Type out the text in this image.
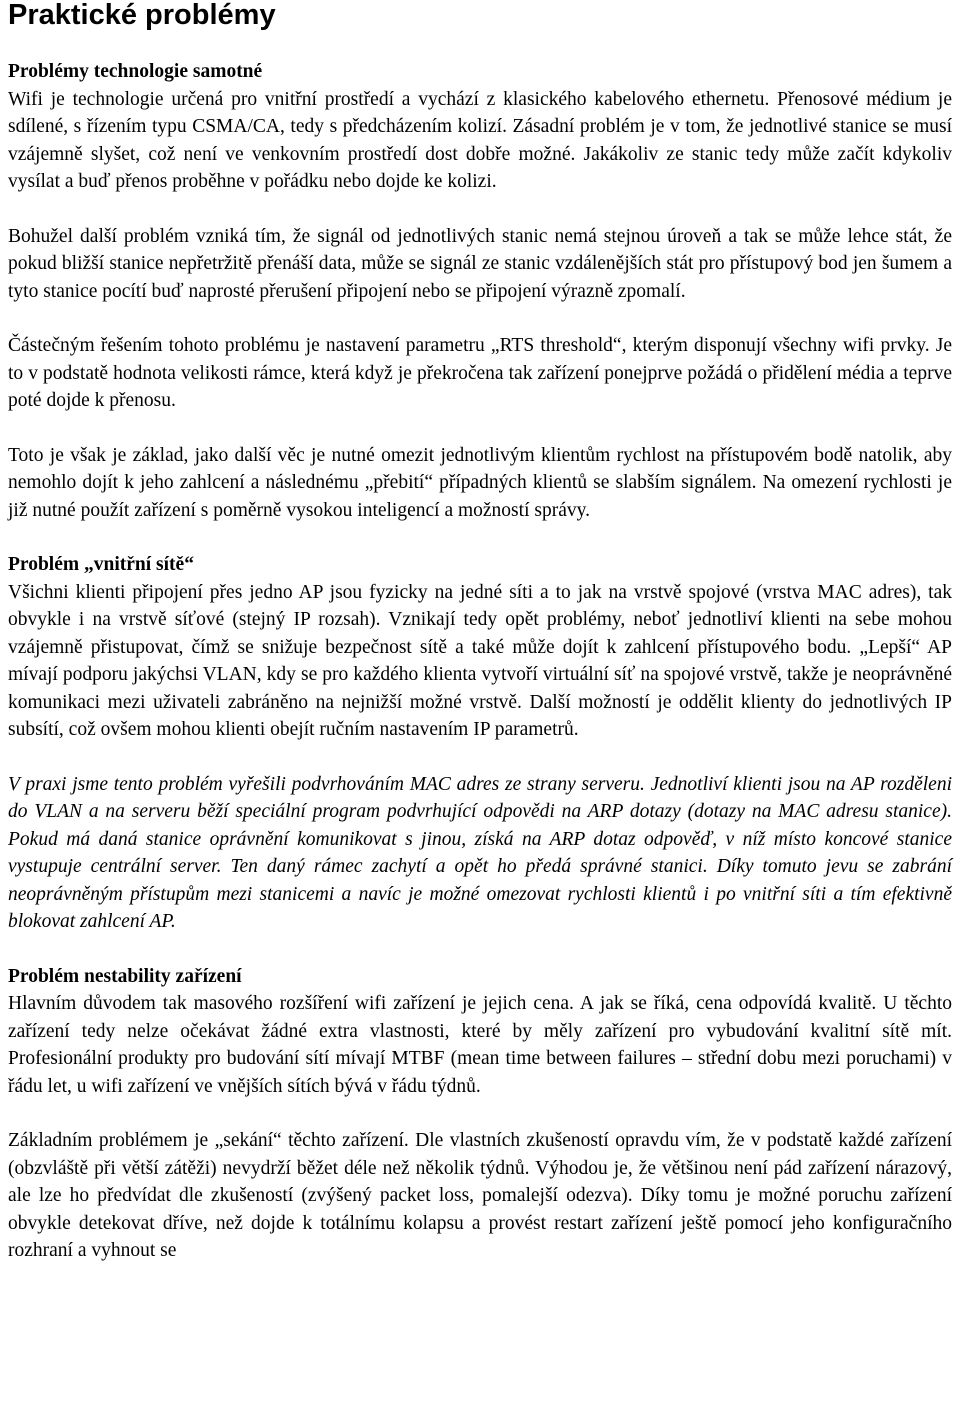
Praktické problémy
Problémy technologie samotné

Wifi je technologie určená pro vnitřní prostředí a vychází z klasického kabelového ethernetu. Přenosové médium je sdílené, s řízením typu CSMA/CA, tedy s předcházením kolizí. Zásadní problém je v tom, že jednotlivé stanice se musí vzájemně slyšet, což není ve venkovním prostředí dost dobře možné. Jakákoliv ze stanic tedy může začít kdykoliv vysílat a buď přenos proběhne v pořádku nebo dojde ke kolizi.

Bohužel další problém vzniká tím, že signál od jednotlivých stanic nemá stejnou úroveň a tak se může lehce stát, že pokud bližší stanice nepřetržitě přenáší data, může se signál ze stanic vzdálenějších stát pro přístupový bod jen šumem a tyto stanice pocítí buď naprosté přerušení připojení nebo se připojení výrazně zpomalí.

Částečným řešením tohoto problému je nastavení parametru „RTS threshold“, kterým disponují všechny wifi prvky. Je to v podstatě hodnota velikosti rámce, která když je překročena tak zařízení ponejprve požádá o přidělení média a teprve poté dojde k přenosu.

Toto je však je základ, jako další věc je nutné omezit jednotlivým klientům rychlost na přístupovém bodě natolik, aby nemohlo dojít k jeho zahlcení a následnému „přebití“ případných klientů se slabším signálem. Na omezení rychlosti je již nutné použít zařízení s poměrně vysokou inteligencí a možností správy.

Problém „vnitřní sítě“

Všichni klienti připojení přes jedno AP jsou fyzicky na jedné síti a to jak na vrstvě spojové (vrstva MAC adres), tak obvykle i na vrstvě síťové (stejný IP rozsah). Vznikají tedy opět problémy, neboť jednotliví klienti na sebe mohou vzájemně přistupovat, čímž se snižuje bezpečnost sítě a také může dojít k zahlcení přístupového bodu. „Lepší“ AP mívají podporu jakýchsi VLAN, kdy se pro každého klienta vytvoří virtuální síť na spojové vrstvě, takže je neoprávněné komunikaci mezi uživateli zabráněno na nejnižší možné vrstvě. Další možností je oddělit klienty do jednotlivých IP subsítí, což ovšem mohou klienti obejít ručním nastavením IP parametrů.

V praxi jsme tento problém vyřešili podvrhováním MAC adres ze strany serveru. Jednotliví klienti jsou na AP rozděleni do VLAN a na serveru běží speciální program podvrhující odpovědi na ARP dotazy (dotazy na MAC adresu stanice). Pokud má daná stanice oprávnění komunikovat s jinou, získá na ARP dotaz odpověď, v níž místo koncové stanice vystupuje centrální server. Ten daný rámec zachytí a opět ho předá správné stanici. Díky tomuto jevu se zabrání neoprávněným přístupům mezi stanicemi a navíc je možné omezovat rychlosti klientů i po vnitřní síti a tím efektivně blokovat zahlcení AP.

Problém nestability zařízení

Hlavním důvodem tak masového rozšíření wifi zařízení je jejich cena. A jak se říká, cena odpovídá kvalitě. U těchto zařízení tedy nelze očekávat žádné extra vlastnosti, které by měly zařízení pro vybudování kvalitní sítě mít. Profesionální produkty pro budování sítí mívají MTBF (mean time between failures – střední dobu mezi poruchami) v řádu let, u wifi zařízení ve vnějších sítích bývá v řádu týdnů.

Základním problémem je „sekání“ těchto zařízení. Dle vlastních zkušeností opravdu vím, že v podstatě každé zařízení (obzvláště při větší zátěži) nevydrží běžet déle než několik týdnů. Výhodou je, že většinou není pád zařízení nárazový, ale lze ho předvídat dle zkušeností (zvýšený packet loss, pomalejší odezva). Díky tomu je možné poruchu zařízení obvykle detekovat dříve, než dojde k totálnímu kolapsu a provést restart zařízení ještě pomocí jeho konfiguračního rozhraní a vyhnout se
